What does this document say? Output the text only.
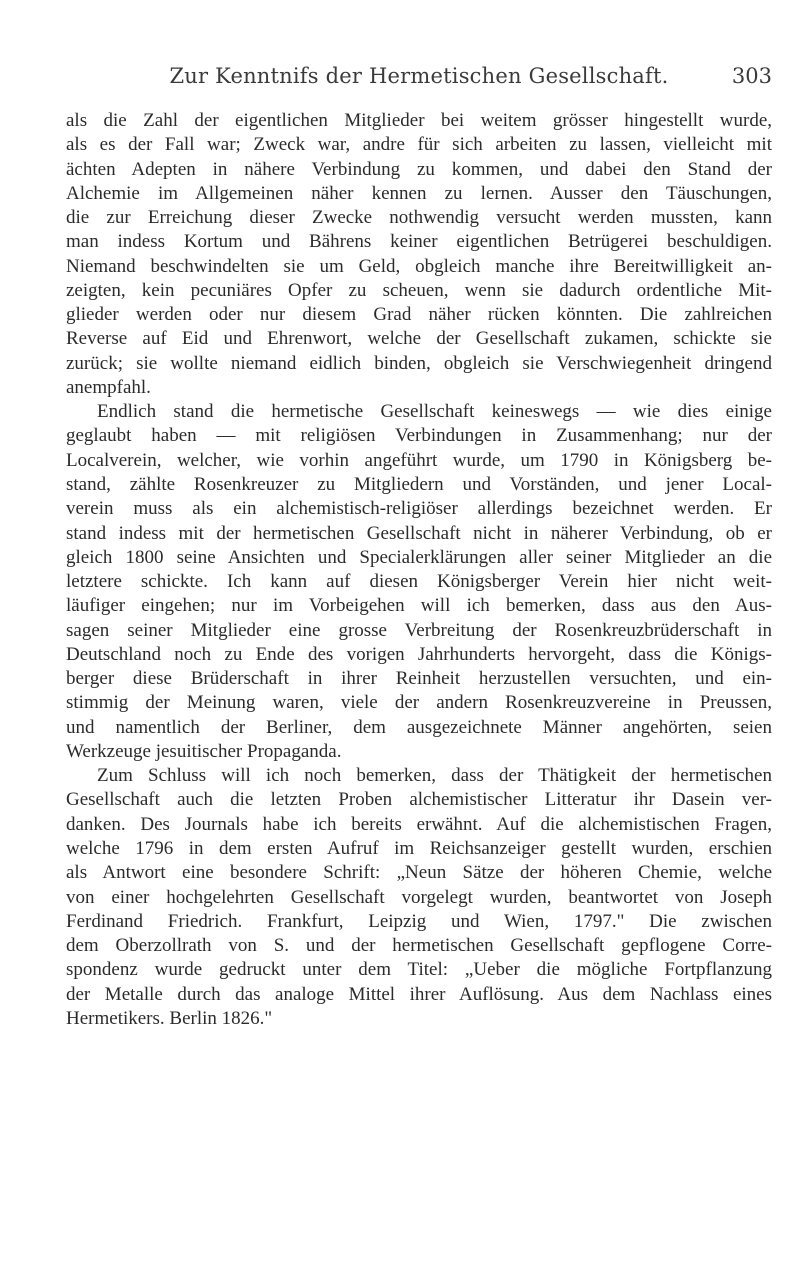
Zur Kenntnifs der Hermetischen Gesellschaft.	303
als die Zahl der eigentlichen Mitglieder bei weitem grösser hingestellt wurde,
als es der Fall war; Zweck war, andre für sich arbeiten zu lassen, vielleicht mit
ächten Adepten in nähere Verbindung zu kommen, und dabei den Stand der
Alchemie im Allgemeinen näher kennen zu lernen. Ausser den Täuschungen,
die zur Erreichung dieser Zwecke nothwendig versucht werden mussten, kann
man indess Kortum und Bährens keiner eigentlichen Betrügerei beschuldigen.
Niemand beschwindelten sie um Geld, obgleich manche ihre Bereitwilligkeit an-
zeigten, kein pecuniäres Opfer zu scheuen, wenn sie dadurch ordentliche Mit-
glieder werden oder nur diesem Grad näher rücken könnten. Die zahlreichen
Reverse auf Eid und Ehrenwort, welche der Gesellschaft zukamen, schickte sie
zurück; sie wollte niemand eidlich binden, obgleich sie Verschwiegenheit dringend
anempfahl.
Endlich stand die hermetische Gesellschaft keineswegs — wie dies einige
geglaubt haben — mit religiösen Verbindungen in Zusammenhang; nur der
Localverein, welcher, wie vorhin angeführt wurde, um 1790 in Königsberg be-
stand, zählte Rosenkreuzer zu Mitgliedern und Vorständen, und jener Local-
verein muss als ein alchemistisch-religiöser allerdings bezeichnet werden. Er
stand indess mit der hermetischen Gesellschaft nicht in näherer Verbindung, ob er
gleich 1800 seine Ansichten und Specialerklärungen aller seiner Mitglieder an die
letztere schickte. Ich kann auf diesen Königsberger Verein hier nicht weit-
läufiger eingehen; nur im Vorbeigehen will ich bemerken, dass aus den Aus-
sagen seiner Mitglieder eine grosse Verbreitung der Rosenkreuzbrüderschaft in
Deutschland noch zu Ende des vorigen Jahrhunderts hervorgeht, dass die Königs-
berger diese Brüderschaft in ihrer Reinheit herzustellen versuchten, und ein-
stimmig der Meinung waren, viele der andern Rosenkreuzvereine in Preussen,
und namentlich der Berliner, dem ausgezeichnete Männer angehörten, seien
Werkzeuge jesuitischer Propaganda.
Zum Schluss will ich noch bemerken, dass der Thätigkeit der hermetischen
Gesellschaft auch die letzten Proben alchemistischer Litteratur ihr Dasein ver-
danken. Des Journals habe ich bereits erwähnt. Auf die alchemistischen Fragen,
welche 1796 in dem ersten Aufruf im Reichsanzeiger gestellt wurden, erschien
als Antwort eine besondere Schrift: „Neun Sätze der höheren Chemie, welche
von einer hochgelehrten Gesellschaft vorgelegt wurden, beantwortet von Joseph
Ferdinand Friedrich. Frankfurt, Leipzig und Wien, 1797." Die zwischen
dem Oberzollrath von S. und der hermetischen Gesellschaft gepflogene Corre-
spondenz wurde gedruckt unter dem Titel: „Ueber die mögliche Fortpflanzung
der Metalle durch das analoge Mittel ihrer Auflösung. Aus dem Nachlass eines
Hermetikers. Berlin 1826."
